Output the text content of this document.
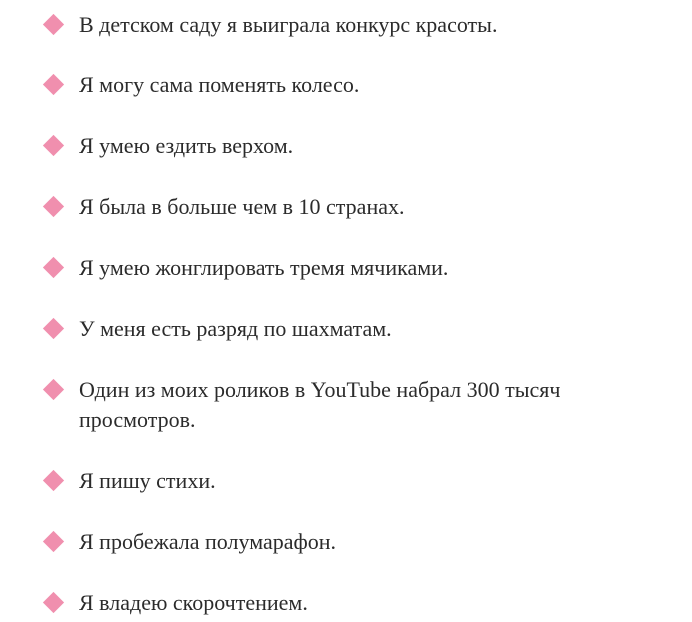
В детском саду я выиграла конкурс красоты.
Я могу сама поменять колесо.
Я умею ездить верхом.
Я была в больше чем в 10 странах.
Я умею жонглировать тремя мячиками.
У меня есть разряд по шахматам.
Один из моих роликов в YouTube набрал 300 тысяч просмотров.
Я пишу стихи.
Я пробежала полумарафон.
Я владею скорочтением.
